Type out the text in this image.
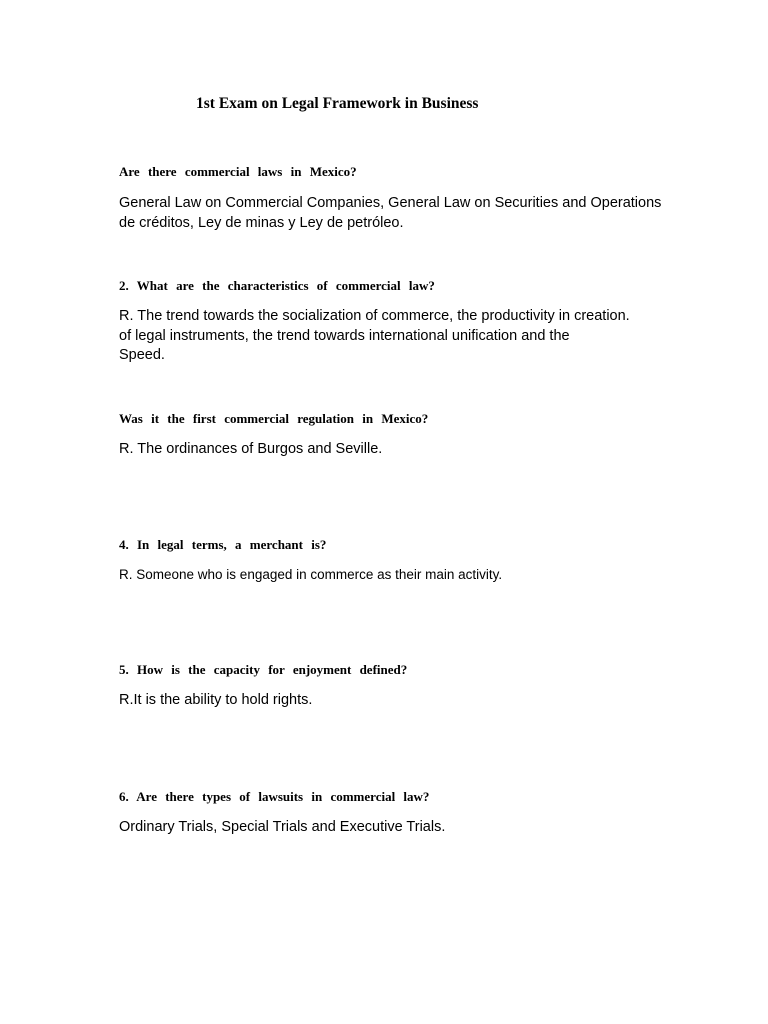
1st Exam on Legal Framework in Business
Are there commercial laws in Mexico?
General Law on Commercial Companies, General Law on Securities and Operations
de créditos, Ley de minas y Ley de petróleo.
2. What are the characteristics of commercial law?
R. The trend towards the socialization of commerce, the productivity in creation.
of legal instruments, the trend towards international unification and the
Speed.
Was it the first commercial regulation in Mexico?
R. The ordinances of Burgos and Seville.
4. In legal terms, a merchant is?
R. Someone who is engaged in commerce as their main activity.
5. How is the capacity for enjoyment defined?
R.It is the ability to hold rights.
6. Are there types of lawsuits in commercial law?
Ordinary Trials, Special Trials and Executive Trials.
